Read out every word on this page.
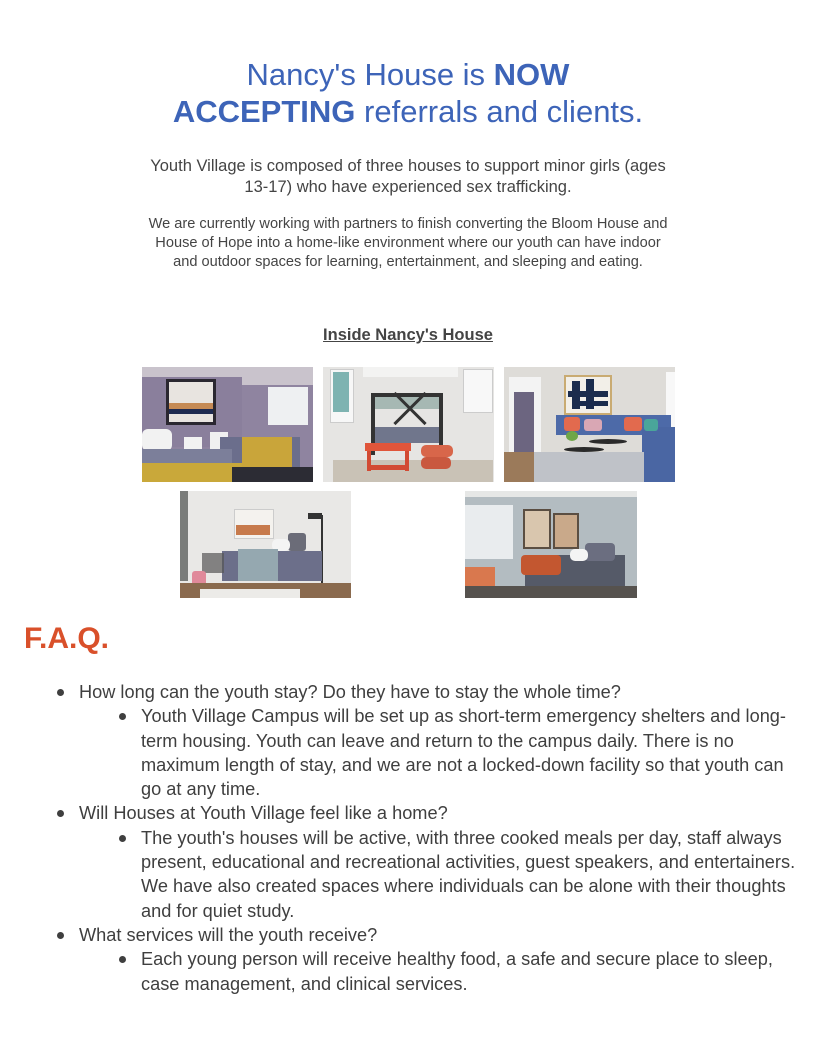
Nancy's House is NOW
ACCEPTING referrals and clients.
Youth Village is composed of three houses to support minor girls (ages 13-17) who have experienced sex trafficking.
We are currently working with partners to finish converting the Bloom House and House of Hope into a home-like environment where our youth can have indoor and outdoor spaces for learning, entertainment, and sleeping and eating.
Inside Nancy's House
F.A.Q.
How long can the youth stay? Do they have to stay the whole time?
Youth Village Campus will be set up as short-term emergency shelters and long-term housing. Youth can leave and return to the campus daily. There is no maximum length of stay, and we are not a locked-down facility so that youth can go at any time.
Will Houses at Youth Village feel like a home?
The youth's houses will be active, with three cooked meals per day, staff always present, educational and recreational activities, guest speakers, and entertainers. We have also created spaces where individuals can be alone with their thoughts and for quiet study.
What services will the youth receive?
Each young person will receive healthy food, a safe and secure place to sleep, case management, and clinical services.
